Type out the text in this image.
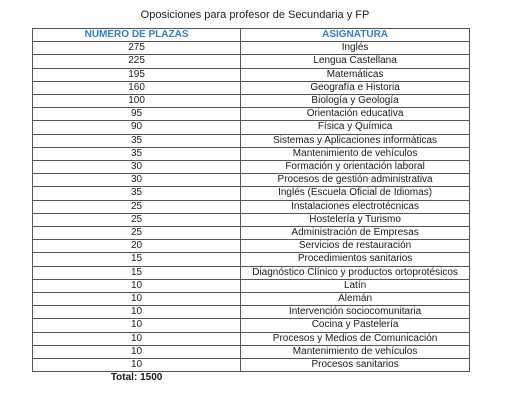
Oposiciones para profesor de Secundaria y FP
NÚMERO DE PLAZAS	ASIGNATURA
275	Inglés
225	Lengua Castellana
195	Matemáticas
160	Geografía e Historia
100	Biología y Geología
95	Orientación educativa
90	Física y Química
35	Sistemas y Aplicaciones informáticas
35	Mantenimiento de vehículos
30	Formación y orientación laboral
30	Procesos de gestión administrativa
35	Inglés (Escuela Oficial de Idiomas)
25	Instalaciones electrotécnicas
25	Hostelería y Turismo
25	Administración de Empresas
20	Servicios de restauración
15	Procedimientos sanitarios
15	Diagnóstico Clínico y productos ortoprotésicos
10	Latín
10	Alemán
10	Intervención sociocomunitaria
10	Cocina y Pastelería
10	Procesos y Medios de Comunicación
10	Mantenimiento de vehículos
10	Procesos sanitarios
Total: 1500	
